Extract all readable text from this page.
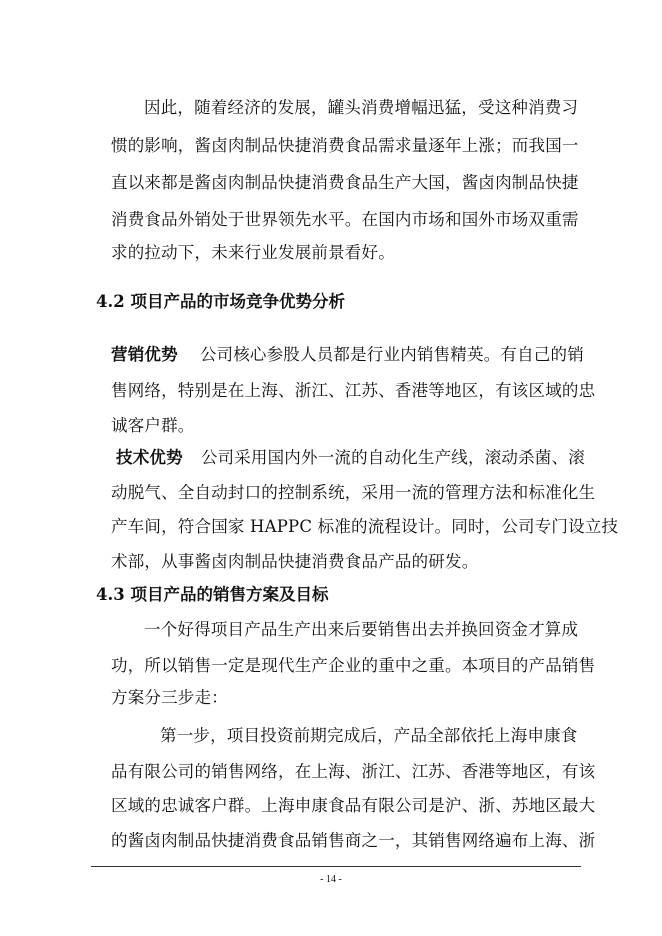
因此，随着经济的发展，罐头消费增幅迅猛，受这种消费习
惯的影响，酱卤肉制品快捷消费食品需求量逐年上涨；而我国一
直以来都是酱卤肉制品快捷消费食品生产大国，酱卤肉制品快捷
消费食品外销处于世界领先水平。在国内市场和国外市场双重需
求的拉动下，未来行业发展前景看好。
4.2 项目产品的市场竞争优势分析
营销优势 公司核心参股人员都是行业内销售精英。有自己的销
售网络，特别是在上海、浙江、江苏、香港等地区，有该区域的忠
诚客户群。
技术优势 公司采用国内外一流的自动化生产线，滚动杀菌、滚
动脱气、全自动封口的控制系统，采用一流的管理方法和标准化生
产车间，符合国家 HAPPC 标准的流程设计。同时，公司专门设立技
术部，从事酱卤肉制品快捷消费食品产品的研发。
4.3 项目产品的销售方案及目标
一个好得项目产品生产出来后要销售出去并换回资金才算成
功，所以销售一定是现代生产企业的重中之重。本项目的产品销售
方案分三步走：
第一步，项目投资前期完成后，产品全部依托上海申康食
品有限公司的销售网络，在上海、浙江、江苏、香港等地区，有该
区域的忠诚客户群。上海申康食品有限公司是沪、浙、苏地区最大
的酱卤肉制品快捷消费食品销售商之一，其销售网络遍布上海、浙
- 14 -
